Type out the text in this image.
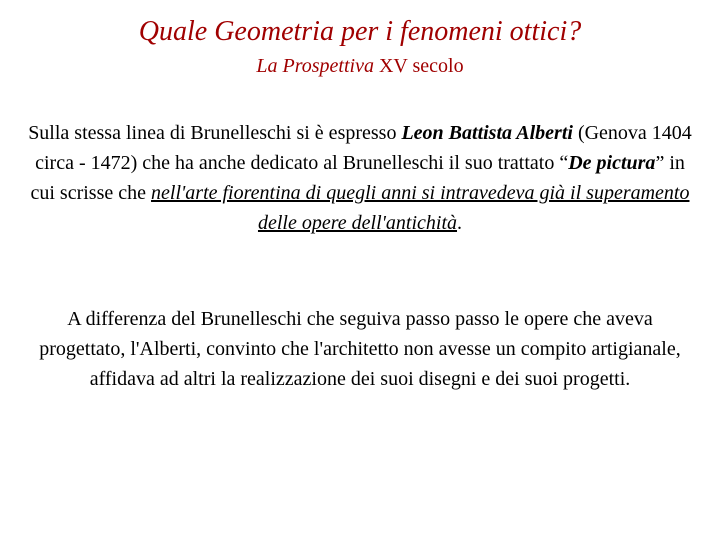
Quale Geometria per i fenomeni ottici?
La Prospettiva XV secolo
Sulla stessa linea di Brunelleschi si è espresso Leon Battista Alberti (Genova 1404 circa - 1472) che ha anche dedicato al Brunelleschi il suo trattato “De pictura” in cui scrisse che nell'arte fiorentina di quegli anni si intravedeva già il superamento delle opere dell'antichità.
A differenza del Brunelleschi che seguiva passo passo le opere che aveva progettato, l'Alberti, convinto che l'architetto non avesse un compito artigianale, affidava ad altri la realizzazione dei suoi disegni e dei suoi progetti.
